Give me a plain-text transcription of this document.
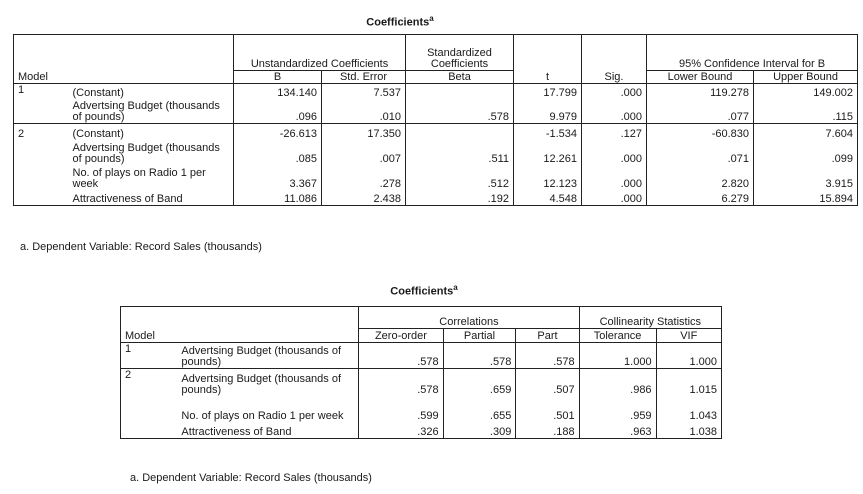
Coefficients$^a$
		Unstandardized Coefficients		Standardized Coefficients			95% Confidence Interval for B	
Model		B	Std. Error	Beta	t	Sig.	Lower Bound	Upper Bound
1	(Constant)	134.140	7.537		17.799	.000	119.278	149.002
	Advertsing Budget (thousands of pounds)	.096	.010	.578	9.979	.000	.077	.115
2	(Constant)	-26.613	17.350		-1.534	.127	-60.830	7.604
	Advertsing Budget (thousands of pounds)	.085	.007	.511	12.261	.000	.071	.099
	No. of plays on Radio 1 per week	3.367	.278	.512	12.123	.000	2.820	3.915
	Attractiveness of Band	11.086	2.438	.192	4.548	.000	6.279	15.894
a. Dependent Variable: Record Sales (thousands)
Coefficients$^a$
		Correlations			Collinearity Statistics	
Model		Zero-order	Partial	Part	Tolerance	VIF
1	Advertsing Budget (thousands of pounds)	.578	.578	.578	1.000	1.000
2	Advertsing Budget (thousands of pounds)	.578	.659	.507	.986	1.015
	No. of plays on Radio 1 per week	.599	.655	.501	.959	1.043
	Attractiveness of Band	.326	.309	.188	.963	1.038
a. Dependent Variable: Record Sales (thousands)
